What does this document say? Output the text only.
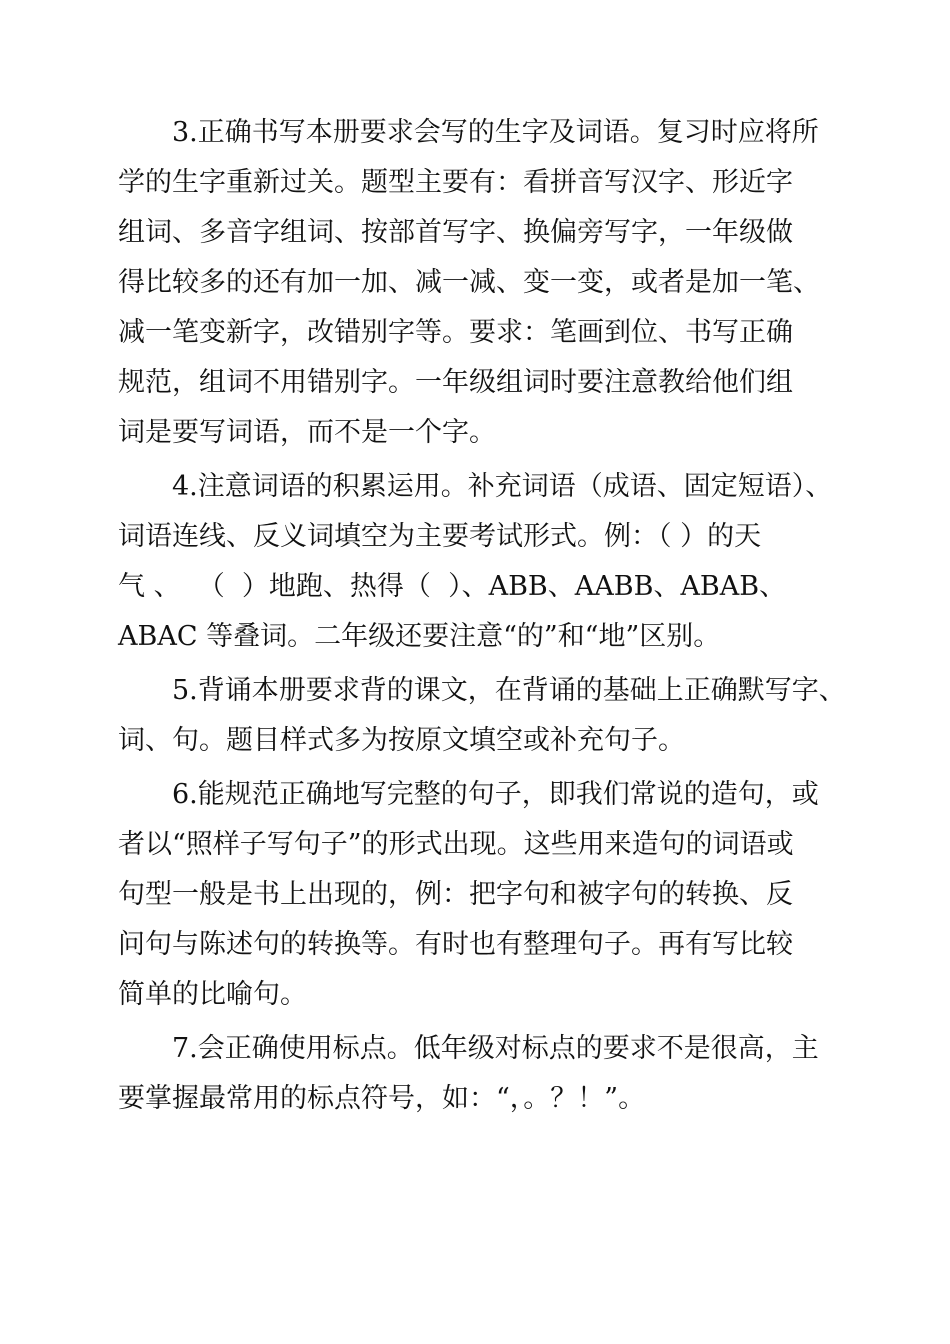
3.正确书写本册要求会写的生字及词语。复习时应将所
学的生字重新过关。题型主要有：看拼音写汉字、形近字
组词、多音字组词、按部首写字、换偏旁写字，一年级做
得比较多的还有加一加、减一减、变一变，或者是加一笔、
减一笔变新字，改错别字等。要求：笔画到位、书写正确
规范，组词不用错别字。一年级组词时要注意教给他们组
词是要写词语，而不是一个字。

4.注意词语的积累运用。补充词语（成语、固定短语）、
词语连线、反义词填空为主要考试形式。例：（ ）的天
气 、  （  ）地跑、热得（  ）、ABB、AABB、ABAB、
ABAC 等叠词。二年级还要注意“的”和“地”区别。

5.背诵本册要求背的课文，在背诵的基础上正确默写字、
词、句。题目样式多为按原文填空或补充句子。

6.能规范正确地写完整的句子，即我们常说的造句，或
者以“照样子写句子”的形式出现。这些用来造句的词语或
句型一般是书上出现的，例：把字句和被字句的转换、反
问句与陈述句的转换等。有时也有整理句子。再有写比较
简单的比喻句。

7.会正确使用标点。低年级对标点的要求不是很高，主
要掌握最常用的标点符号，如：“，。？！”。
